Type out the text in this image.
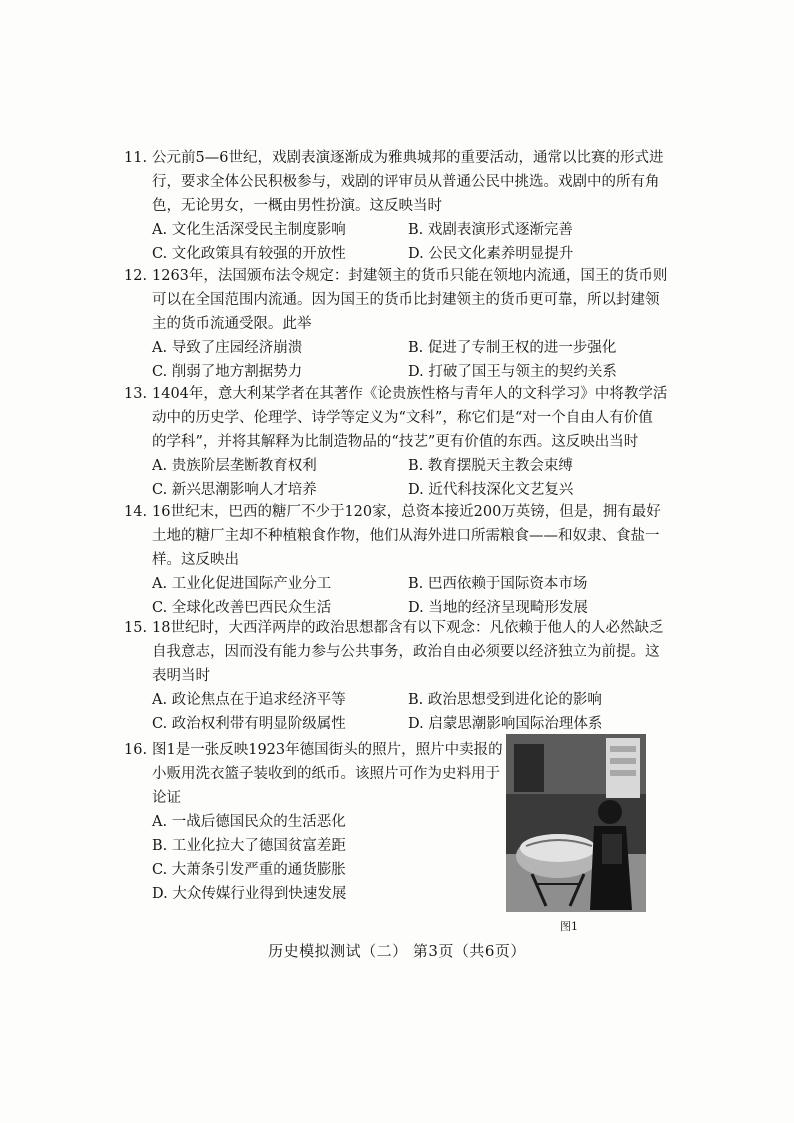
11. 公元前5—6世纪，戏剧表演逐渐成为雅典城邦的重要活动，通常以比赛的形式进
行，要求全体公民积极参与，戏剧的评审员从普通公民中挑选。戏剧中的所有角
色，无论男女，一概由男性扮演。这反映当时
A. 文化生活深受民主制度影响	B. 戏剧表演形式逐渐完善
C. 文化政策具有较强的开放性	D. 公民文化素养明显提升
12. 1263年，法国颁布法令规定：封建领主的货币只能在领地内流通，国王的货币则
可以在全国范围内流通。因为国王的货币比封建领主的货币更可靠，所以封建领
主的货币流通受限。此举
A. 导致了庄园经济崩溃	B. 促进了专制王权的进一步强化
C. 削弱了地方割据势力	D. 打破了国王与领主的契约关系
13. 1404年，意大利某学者在其著作《论贵族性格与青年人的文科学习》中将教学活
动中的历史学、伦理学、诗学等定义为“文科”，称它们是“对一个自由人有价值
的学科”，并将其解释为比制造物品的“技艺”更有价值的东西。这反映出当时
A. 贵族阶层垄断教育权利	B. 教育摆脱天主教会束缚
C. 新兴思潮影响人才培养	D. 近代科技深化文艺复兴
14. 16世纪末，巴西的糖厂不少于120家，总资本接近200万英镑，但是，拥有最好
土地的糖厂主却不种植粮食作物，他们从海外进口所需粮食——和奴隶、食盐一
样。这反映出
A. 工业化促进国际产业分工	B. 巴西依赖于国际资本市场
C. 全球化改善巴西民众生活	D. 当地的经济呈现畸形发展
15. 18世纪时，大西洋两岸的政治思想都含有以下观念：凡依赖于他人的人必然缺乏
自我意志，因而没有能力参与公共事务，政治自由必须要以经济独立为前提。这
表明当时
A. 政论焦点在于追求经济平等	B. 政治思想受到进化论的影响
C. 政治权利带有明显阶级属性	D. 启蒙思潮影响国际治理体系
16. 图1是一张反映1923年德国街头的照片，照片中卖报的
小贩用洗衣篮子装收到的纸币。该照片可作为史料用于
论证
A. 一战后德国民众的生活恶化
B. 工业化拉大了德国贫富差距
C. 大萧条引发严重的通货膨胀
D. 大众传媒行业得到快速发展
图1
历史模拟测试（二） 第3页（共6页）
